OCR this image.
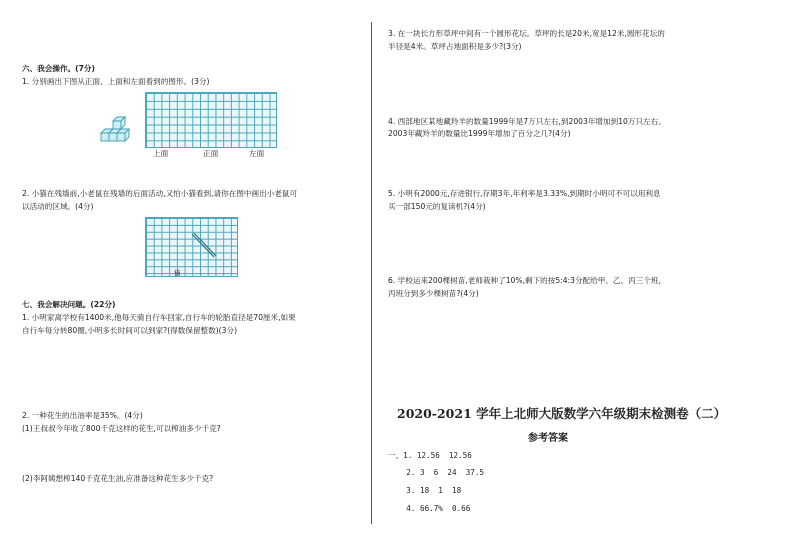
六、我会操作。(7分)
1. 分别画出下图从正面、上面和左面看到的图形。(3分)
上面	正面	左面
2. 小猫在残墙前,小老鼠在残墙的后面活动,又怕小猫看到,请你在图中画出小老鼠可
以活动的区域。(4分)
猫
七、我会解决问题。(22分)
1. 小明家离学校有1400米,他每天骑自行车回家,自行车的轮胎直径是70厘米,如果
自行车每分转80圈,小明多长时间可以到家?(得数保留整数)(3分)
2. 一种花生的出油率是35%。(4分)
(1)王叔叔今年收了800千克这样的花生,可以榨油多少千克?
(2)李阿姨想榨140千克花生油,应准备这种花生多少千克?
3. 在一块长方形草坪中间有一个圆形花坛。草坪的长是20米,宽是12米,圆形花坛的
半径是4米。草坪占地面积是多少?(3分)
4. 西部地区某地藏羚羊的数量1999年是7万只左右,到2003年增加到10万只左右。
2003年藏羚羊的数量比1999年增加了百分之几?(4分)
5. 小明有2000元,存进银行,存期3年,年利率是3.33%,到期时小明可不可以用利息
买一部150元的复读机?(4分)
6. 学校运来200棵树苗,老师栽种了10%,剩下的按5:4:3分配给甲、乙、丙三个班,
丙班分到多少棵树苗?(4分)
2020-2021 学年上北师大版数学六年级期末检测卷（二）
参考答案
一、1. 12.56  12.56
2. 3  6  24  37.5
3. 18  1  18
4. 66.7%  0.66
